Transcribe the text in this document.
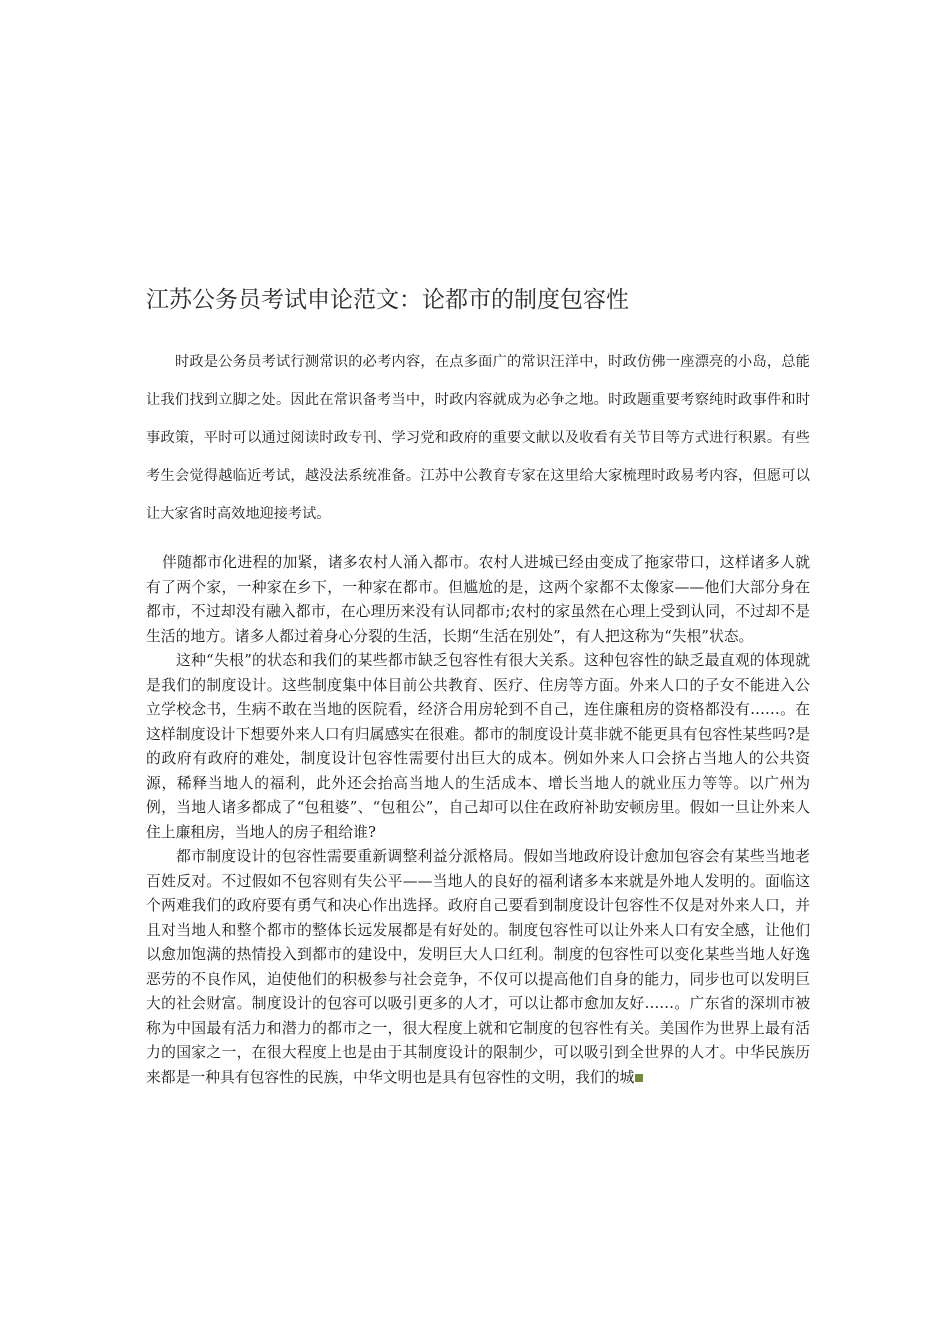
江苏公务员考试申论范文：论都市的制度包容性

时政是公务员考试行测常识的必考内容，在点多面广的常识汪洋中，时政仿佛一座漂亮的小岛，总能让我们找到立脚之处。因此在常识备考当中，时政内容就成为必争之地。时政题重要考察纯时政事件和时事政策，平时可以通过阅读时政专刊、学习党和政府的重要文献以及收看有关节目等方式进行积累。有些考生会觉得越临近考试，越没法系统准备。江苏中公教育专家在这里给大家梳理时政易考内容，但愿可以让大家省时高效地迎接考试。

伴随都市化进程的加紧，诸多农村人涌入都市。农村人进城已经由变成了拖家带口，这样诸多人就有了两个家，一种家在乡下，一种家在都市。但尴尬的是，这两个家都不太像家——他们大部分身在都市，不过却没有融入都市，在心理历来没有认同都市;农村的家虽然在心理上受到认同，不过却不是生活的地方。诸多人都过着身心分裂的生活，长期“生活在别处”，有人把这称为“失根”状态。

这种“失根”的状态和我们的某些都市缺乏包容性有很大关系。这种包容性的缺乏最直观的体现就是我们的制度设计。这些制度集中体目前公共教育、医疗、住房等方面。外来人口的子女不能进入公立学校念书，生病不敢在当地的医院看，经济合用房轮到不自己，连住廉租房的资格都没有……。在这样制度设计下想要外来人口有归属感实在很难。都市的制度设计莫非就不能更具有包容性某些吗?是的政府有政府的难处，制度设计包容性需要付出巨大的成本。例如外来人口会挤占当地人的公共资源，稀释当地人的福利，此外还会抬高当地人的生活成本、增长当地人的就业压力等等。以广州为例，当地人诸多都成了“包租婆”、“包租公”，自己却可以住在政府补助安顿房里。假如一旦让外来人住上廉租房，当地人的房子租给谁?

都市制度设计的包容性需要重新调整利益分派格局。假如当地政府设计愈加包容会有某些当地老百姓反对。不过假如不包容则有失公平——当地人的良好的福利诸多本来就是外地人发明的。面临这个两难我们的政府要有勇气和决心作出选择。政府自己要看到制度设计包容性不仅是对外来人口，并且对当地人和整个都市的整体长远发展都是有好处的。制度包容性可以让外来人口有安全感，让他们以愈加饱满的热情投入到都市的建设中，发明巨大人口红利。制度的包容性可以变化某些当地人好逸恶劳的不良作风，迫使他们的积极参与社会竞争，不仅可以提高他们自身的能力，同步也可以发明巨大的社会财富。制度设计的包容可以吸引更多的人才，可以让都市愈加友好……。广东省的深圳市被称为中国最有活力和潜力的都市之一，很大程度上就和它制度的包容性有关。美国作为世界上最有活力的国家之一，在很大程度上也是由于其制度设计的限制少，可以吸引到全世界的人才。中华民族历来都是一种具有包容性的民族，中华文明也是具有包容性的文明，我们的城
